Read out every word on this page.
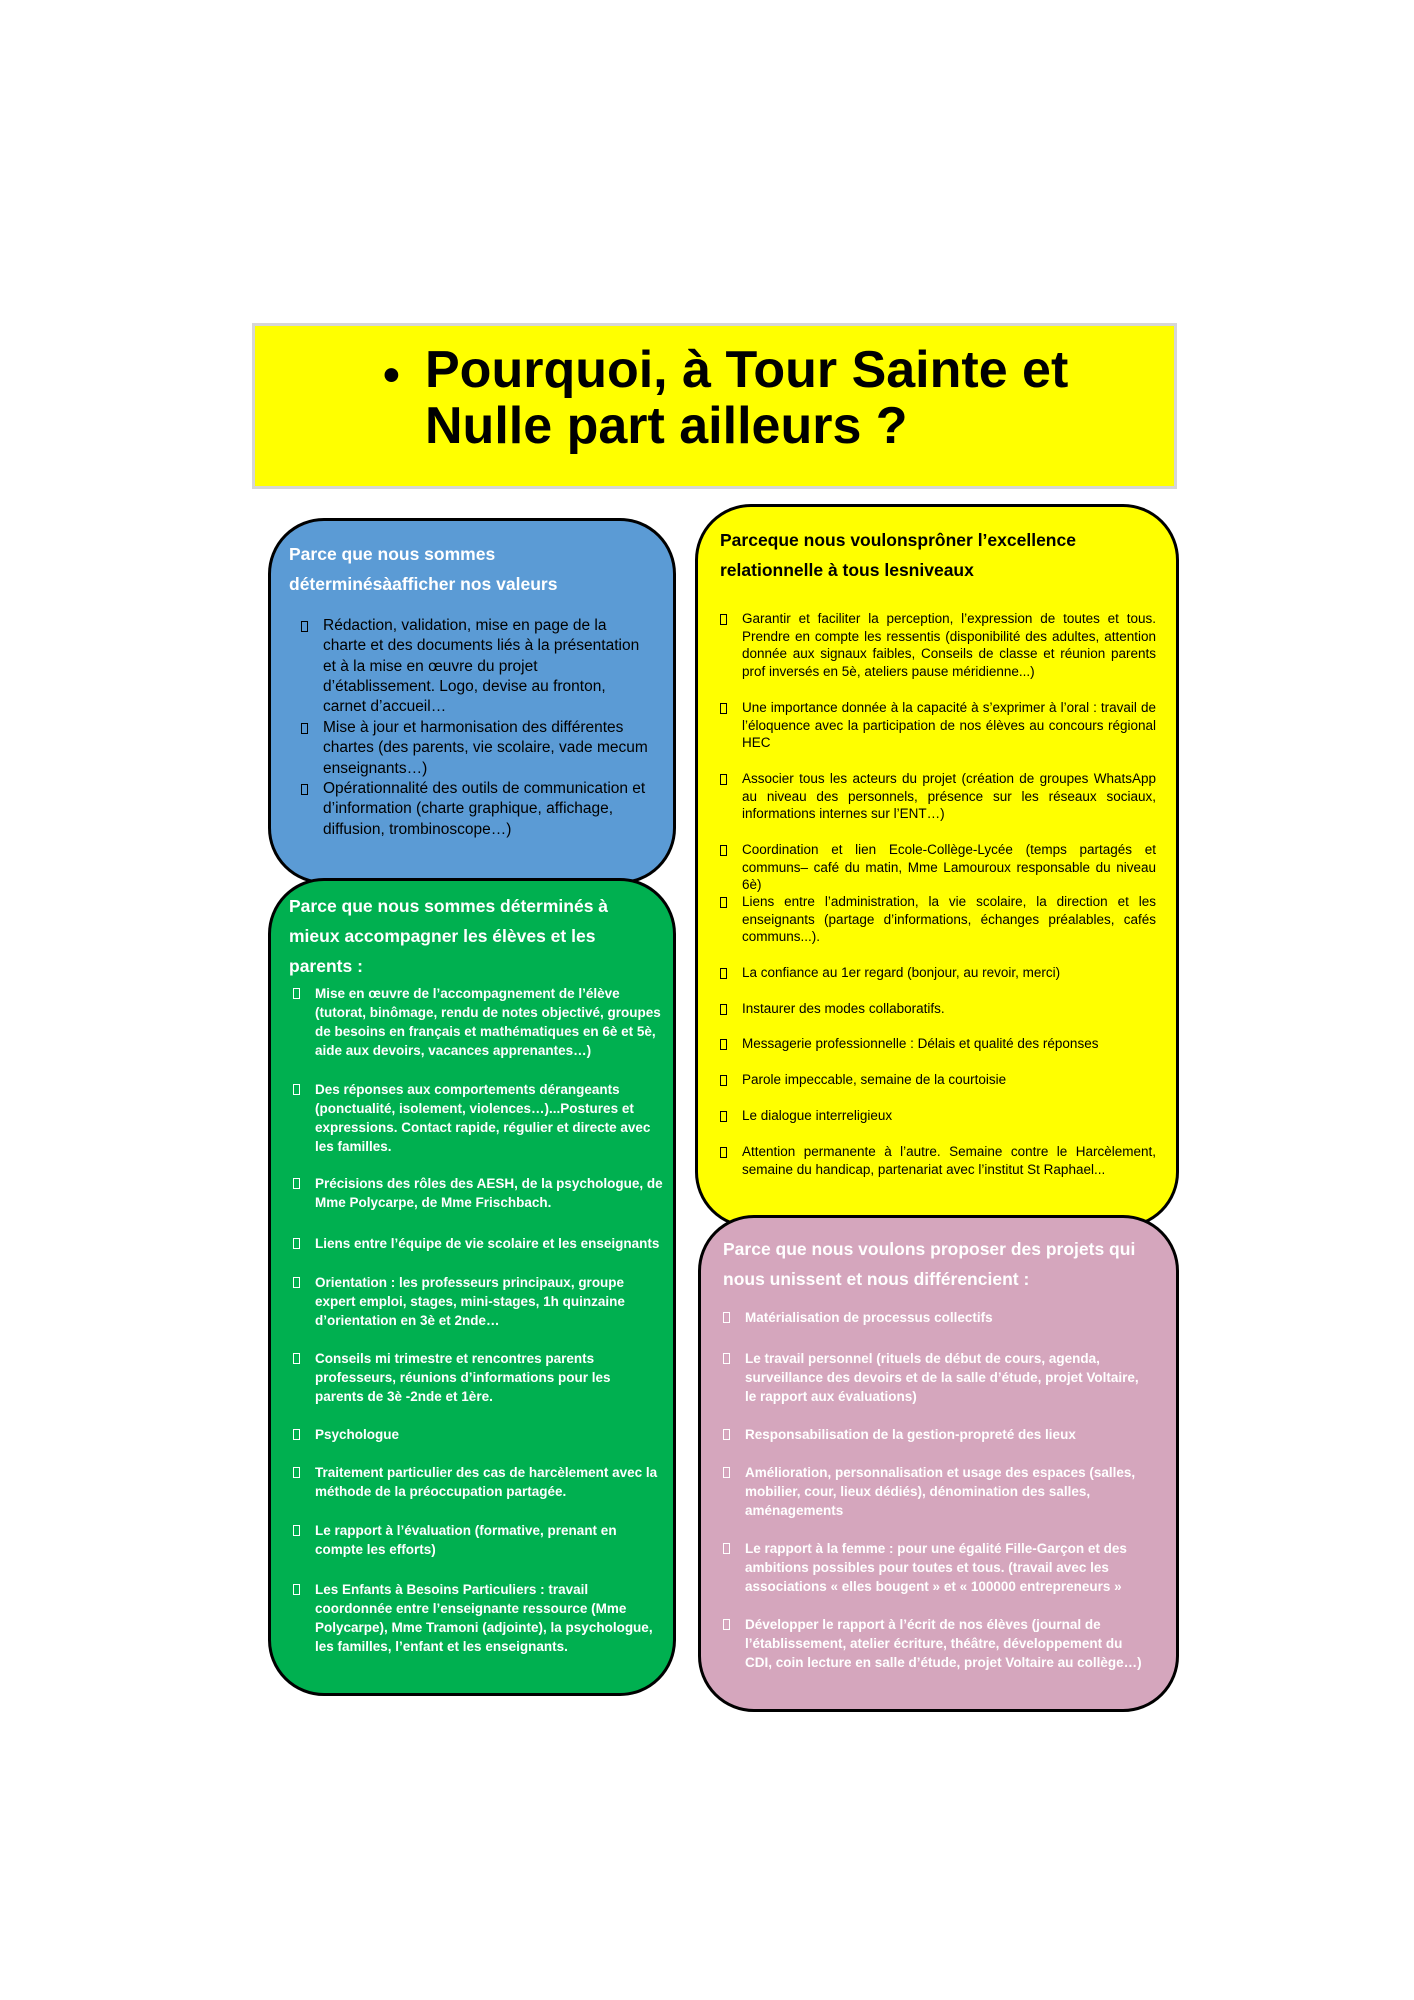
• Pourquoi, à Tour Sainte et
Nulle part ailleurs ?

Parce que nous sommes déterminésàafficher nos valeurs

Rédaction, validation, mise en page de la charte et des documents liés à la présentation et à la mise en œuvre du projet d’établissement. Logo, devise au fronton, carnet d’accueil…
Mise à jour et harmonisation des différentes chartes (des parents, vie scolaire, vade mecum enseignants…)
Opérationnalité des outils de communication et d’information (charte graphique, affichage, diffusion, trombinoscope…)

Parce que nous sommes déterminés à mieux accompagner les élèves et les parents :

Mise en œuvre de l’accompagnement de l’élève (tutorat, binômage, rendu de notes objectivé, groupes de besoins en français et mathématiques en 6è et 5è, aide aux devoirs, vacances apprenantes…)
Des réponses aux comportements dérangeants (ponctualité, isolement, violences…)...Postures et expressions. Contact rapide, régulier et directe avec les familles.
Précisions des rôles des AESH, de la psychologue, de Mme Polycarpe, de Mme Frischbach.
Liens entre l’équipe de vie scolaire et les enseignants
Orientation : les professeurs principaux, groupe expert emploi, stages, mini-stages, 1h quinzaine d’orientation en 3è et 2nde…
Conseils mi trimestre et rencontres parents professeurs, réunions d’informations pour les parents de 3è -2nde et 1ère.
Psychologue
Traitement particulier des cas de harcèlement avec la méthode de la préoccupation partagée.
Le rapport à l’évaluation (formative, prenant en compte les efforts)
Les Enfants à Besoins Particuliers : travail coordonnée entre l’enseignante ressource (Mme Polycarpe), Mme Tramoni (adjointe), la psychologue, les familles, l’enfant et les enseignants.

Parceque nous voulonsprôner l’excellence relationnelle à tous lesniveaux

Garantir et faciliter la perception, l’expression de toutes et tous. Prendre en compte les ressentis (disponibilité des adultes, attention donnée aux signaux faibles, Conseils de classe et réunion parents prof inversés en 5è, ateliers pause méridienne...)
Une importance donnée à la capacité à s’exprimer à l’oral : travail de l’éloquence avec la participation de nos élèves au concours régional HEC
Associer tous les acteurs du projet (création de groupes WhatsApp au niveau des personnels, présence sur les réseaux sociaux, informations internes sur l’ENT…)
Coordination et lien Ecole-Collège-Lycée (temps partagés et communs– café du matin, Mme Lamouroux responsable du niveau 6è)
Liens entre l’administration, la vie scolaire, la direction et les enseignants (partage d’informations, échanges préalables, cafés communs...).
La confiance au 1er regard (bonjour, au revoir, merci)
Instaurer des modes collaboratifs.
Messagerie professionnelle : Délais et qualité des réponses
Parole impeccable, semaine de la courtoisie
Le dialogue interreligieux
Attention permanente à l’autre. Semaine contre le Harcèlement, semaine du handicap, partenariat avec l’institut St Raphael...

Parce que nous voulons proposer des projets qui nous unissent et nous différencient :

Matérialisation de processus collectifs
Le travail personnel (rituels de début de cours, agenda, surveillance des devoirs et de la salle d’étude, projet Voltaire, le rapport aux évaluations)
Responsabilisation de la gestion-propreté des lieux
Amélioration, personnalisation et usage des espaces (salles, mobilier, cour, lieux dédiés), dénomination des salles, aménagements
Le rapport à la femme : pour une égalité Fille-Garçon et des ambitions possibles pour toutes et tous. (travail avec les associations « elles bougent » et « 100000 entrepreneurs »
Développer le rapport à l’écrit de nos élèves (journal de l’établissement, atelier écriture, théâtre, développement du CDI, coin lecture en salle d’étude, projet Voltaire au collège…)
